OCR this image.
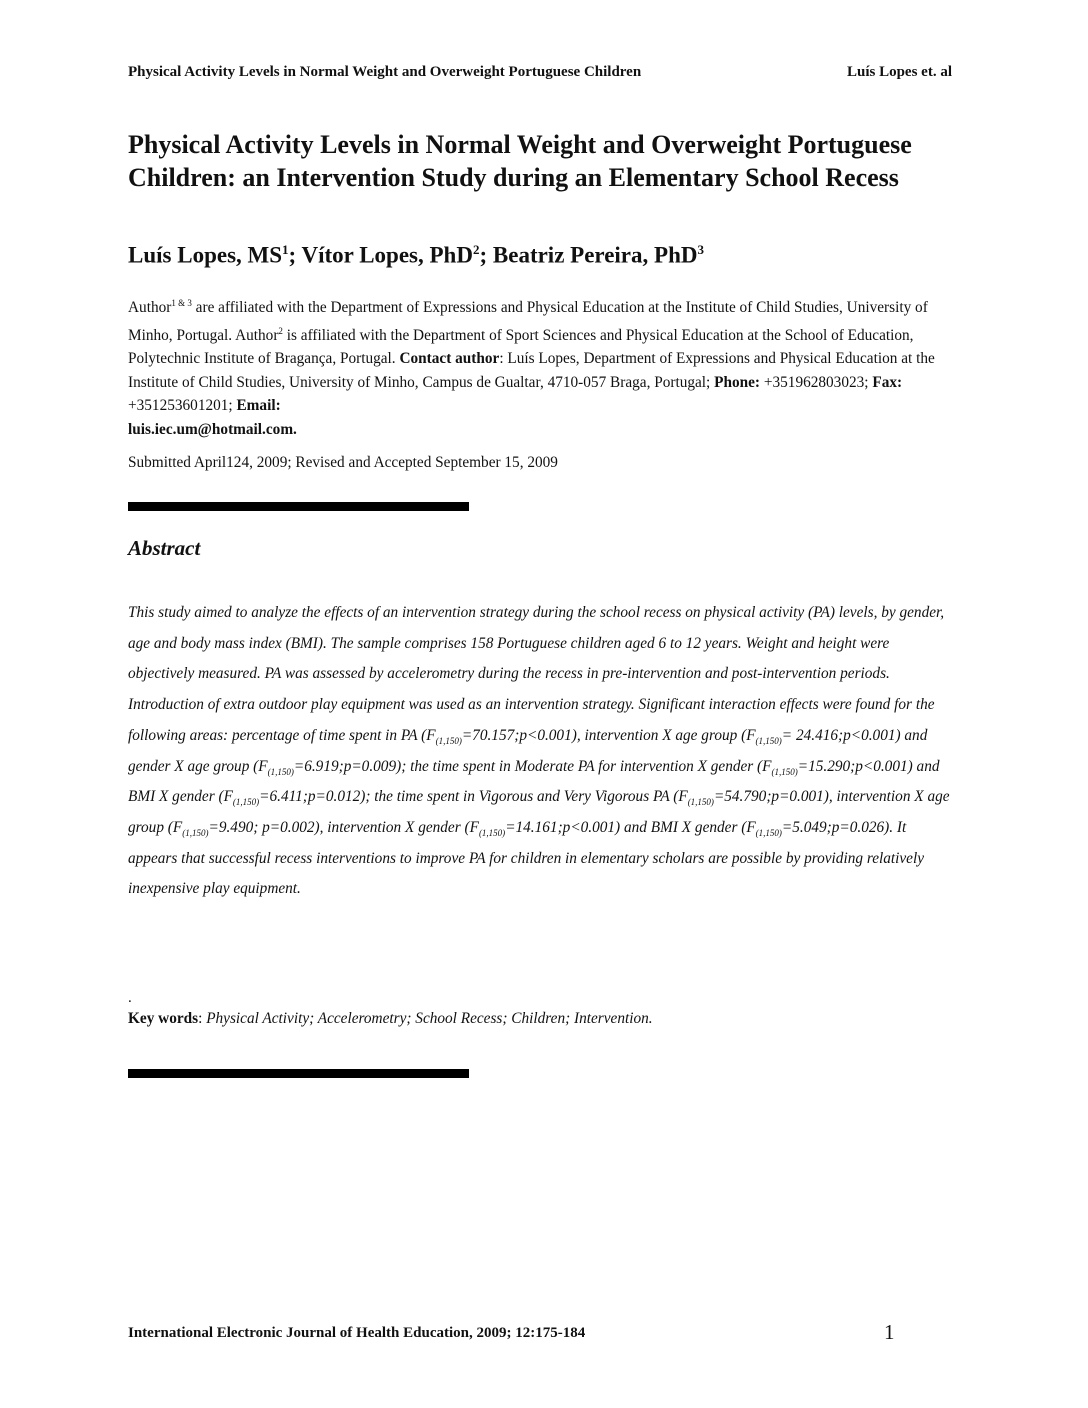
Physical Activity Levels in Normal Weight and Overweight Portuguese Children	Luís Lopes et. al
Physical Activity Levels in Normal Weight and Overweight Portuguese Children: an Intervention Study during an Elementary School Recess

Luís Lopes, $MS^1$; Vítor Lopes, PhD$^2$; Beatriz Pereira, PhD$^3$

Author$^{1 \& 3}$ are affiliated with the Department of Expressions and Physical Education at the Institute of Child Studies, University of Minho, Portugal. Author$^2$ is affiliated with the Department of Sport Sciences and Physical Education at the School of Education, Polytechnic Institute of Bragança, Portugal. Contact author: Luís Lopes, Department of Expressions and Physical Education at the Institute of Child Studies, University of Minho, Campus de Gualtar, 4710-057 Braga, Portugal; Phone: +351962803023; Fax: +351253601201; Email:
luis.iec.um@hotmail.com.

Submitted April124, 2009; Revised and Accepted September 15, 2009

Abstract

This study aimed to analyze the effects of an intervention strategy during the school recess on physical activity (PA) levels, by gender, age and body mass index (BMI). The sample comprises 158 Portuguese children aged 6 to 12 years. Weight and height were objectively measured. PA was assessed by accelerometry during the recess in pre-intervention and post-intervention periods. Introduction of extra outdoor play equipment was used as an intervention strategy. Significant interaction effects were found for the following areas: percentage of time spent in PA $(F_{(1,150)}=70.157;p<0.001)$, intervention X age group ($F_{(1,150)}=$ 24.416;p<0.001) and gender X age group $(F_{(1,150)}=6.919;p=0.009)$; the time spent in Moderate PA for intervention X gender $(F_{(1,150)}=15.290;p<0.001)$ and BMI X gender $(F_{(1,150)}=6.411;p=0.012)$; the time spent in Vigorous and Very Vigorous PA $(F_{(1,150)}=54.790;p=0.001)$, intervention X age group ($F_{(1,150)}=9.490$; p=0.002), intervention X gender $(F_{(1,150)}=14.161;p<0.001)$ and BMI X gender $(F_{(1,150)}=5.049;p=0.026)$. It appears that successful recess interventions to improve PA for children in elementary scholars are possible by providing relatively inexpensive play equipment.

.

Key words: Physical Activity; Accelerometry; School Recess; Children; Intervention.

International Electronic Journal of Health Education, 2009; 12:175-184	1
